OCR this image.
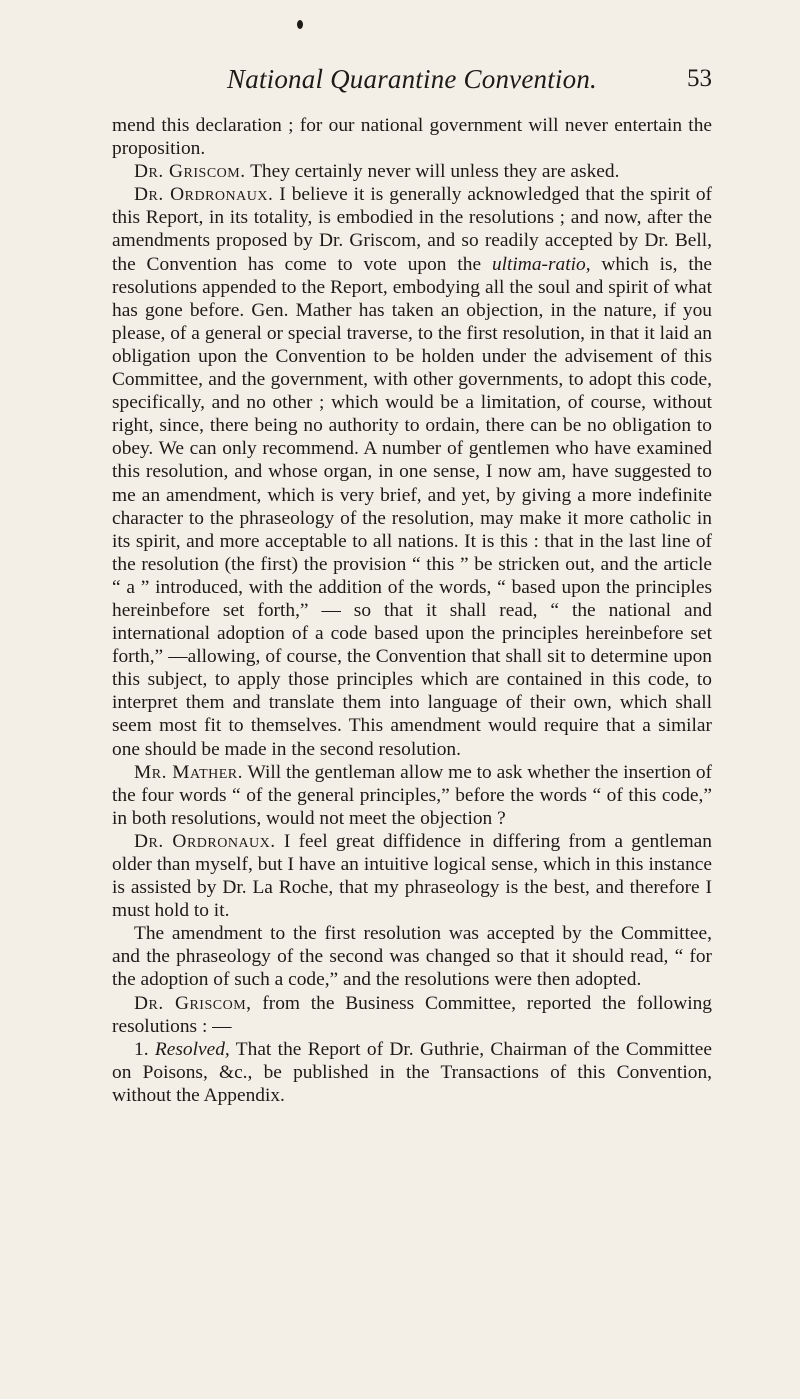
National Quarantine Convention.	53

mend this declaration ; for our national government will never entertain the proposition.

Dr. Griscom. They certainly never will unless they are asked.

Dr. Ordronaux. I believe it is generally acknowledged that the spirit of this Report, in its totality, is embodied in the resolutions ; and now, after the amendments proposed by Dr. Griscom, and so readily accepted by Dr. Bell, the Convention has come to vote upon the ultima-ratio, which is, the resolutions appended to the Report, embodying all the soul and spirit of what has gone before. Gen. Mather has taken an objection, in the nature, if you please, of a general or special traverse, to the first resolution, in that it laid an obligation upon the Convention to be holden under the advisement of this Committee, and the government, with other governments, to adopt this code, specifically, and no other ; which would be a limitation, of course, without right, since, there being no authority to ordain, there can be no obligation to obey. We can only recommend. A number of gentlemen who have examined this resolution, and whose organ, in one sense, I now am, have suggested to me an amendment, which is very brief, and yet, by giving a more indefinite character to the phraseology of the resolution, may make it more catholic in its spirit, and more acceptable to all nations. It is this : that in the last line of the resolution (the first) the provision “ this ” be stricken out, and the article “ a ” introduced, with the addition of the words, “ based upon the principles hereinbefore set forth,” — so that it shall read, “ the national and international adoption of a code based upon the principles hereinbefore set forth,” —allowing, of course, the Convention that shall sit to determine upon this subject, to apply those principles which are contained in this code, to interpret them and translate them into language of their own, which shall seem most fit to themselves. This amendment would require that a similar one should be made in the second resolution.

Mr. Mather. Will the gentleman allow me to ask whether the insertion of the four words “ of the general principles,” before the words “ of this code,” in both resolutions, would not meet the objection ?

Dr. Ordronaux. I feel great diffidence in differing from a gentleman older than myself, but I have an intuitive logical sense, which in this instance is assisted by Dr. La Roche, that my phraseology is the best, and therefore I must hold to it.

The amendment to the first resolution was accepted by the Committee, and the phraseology of the second was changed so that it should read, “ for the adoption of such a code,” and the resolutions were then adopted.

Dr. Griscom, from the Business Committee, reported the following resolutions : —

1. Resolved, That the Report of Dr. Guthrie, Chairman of the Committee on Poisons, &c., be published in the Transactions of this Convention, without the Appendix.
